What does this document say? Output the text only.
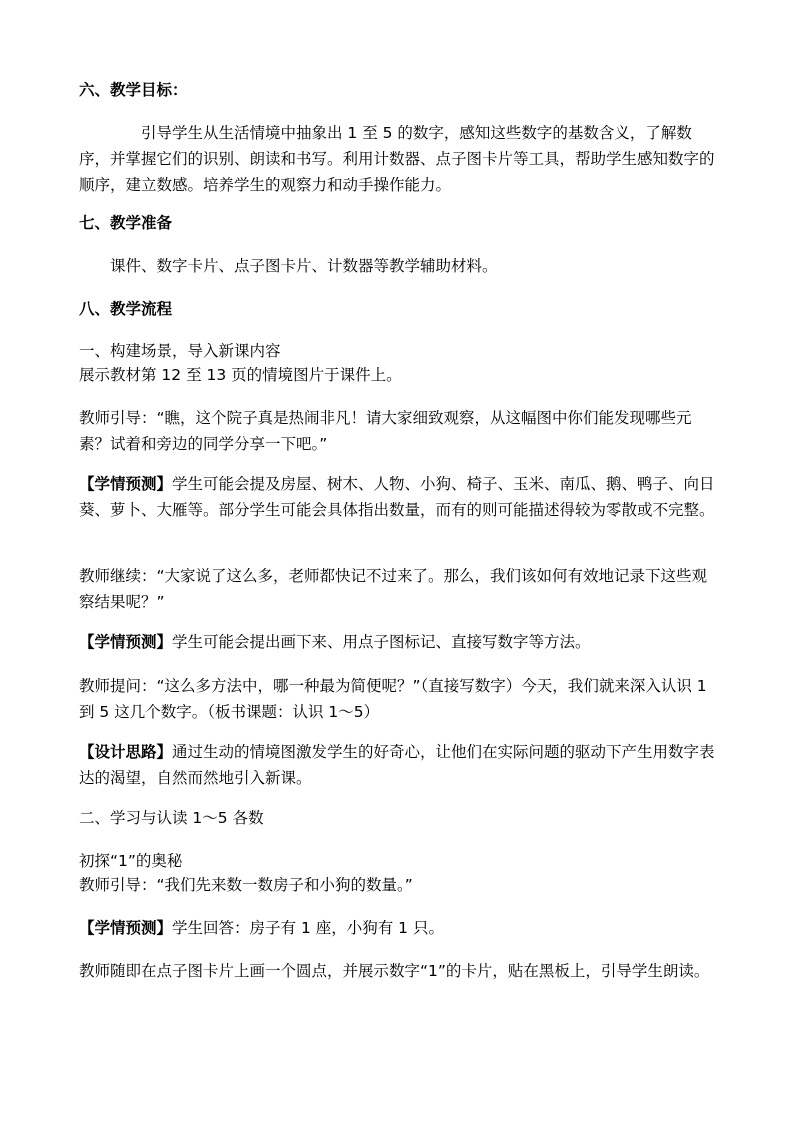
六、教学目标：
引导学生从生活情境中抽象出 1 至 5 的数字，感知这些数字的基数含义，了解数序，并掌握它们的识别、朗读和书写。利用计数器、点子图卡片等工具，帮助学生感知数字的顺序，建立数感。培养学生的观察力和动手操作能力。
七、教学准备
课件、数字卡片、点子图卡片、计数器等教学辅助材料。
八、教学流程
一、构建场景，导入新课内容
展示教材第 12 至 13 页的情境图片于课件上。
教师引导：“瞧，这个院子真是热闹非凡！请大家细致观察，从这幅图中你们能发现哪些元素？试着和旁边的同学分享一下吧。”
【学情预测】学生可能会提及房屋、树木、人物、小狗、椅子、玉米、南瓜、鹅、鸭子、向日葵、萝卜、大雁等。部分学生可能会具体指出数量，而有的则可能描述得较为零散或不完整。
教师继续：“大家说了这么多，老师都快记不过来了。那么，我们该如何有效地记录下这些观察结果呢？”
【学情预测】学生可能会提出画下来、用点子图标记、直接写数字等方法。
教师提问：“这么多方法中，哪一种最为简便呢？”（直接写数字）今天，我们就来深入认识 1 到 5 这几个数字。（板书课题：认识 1～5）
【设计思路】通过生动的情境图激发学生的好奇心，让他们在实际问题的驱动下产生用数字表达的渴望，自然而然地引入新课。
二、学习与认读 1～5 各数
初探“1”的奥秘
教师引导：“我们先来数一数房子和小狗的数量。”
【学情预测】学生回答：房子有 1 座，小狗有 1 只。
教师随即在点子图卡片上画一个圆点，并展示数字“1”的卡片，贴在黑板上，引导学生朗读。
